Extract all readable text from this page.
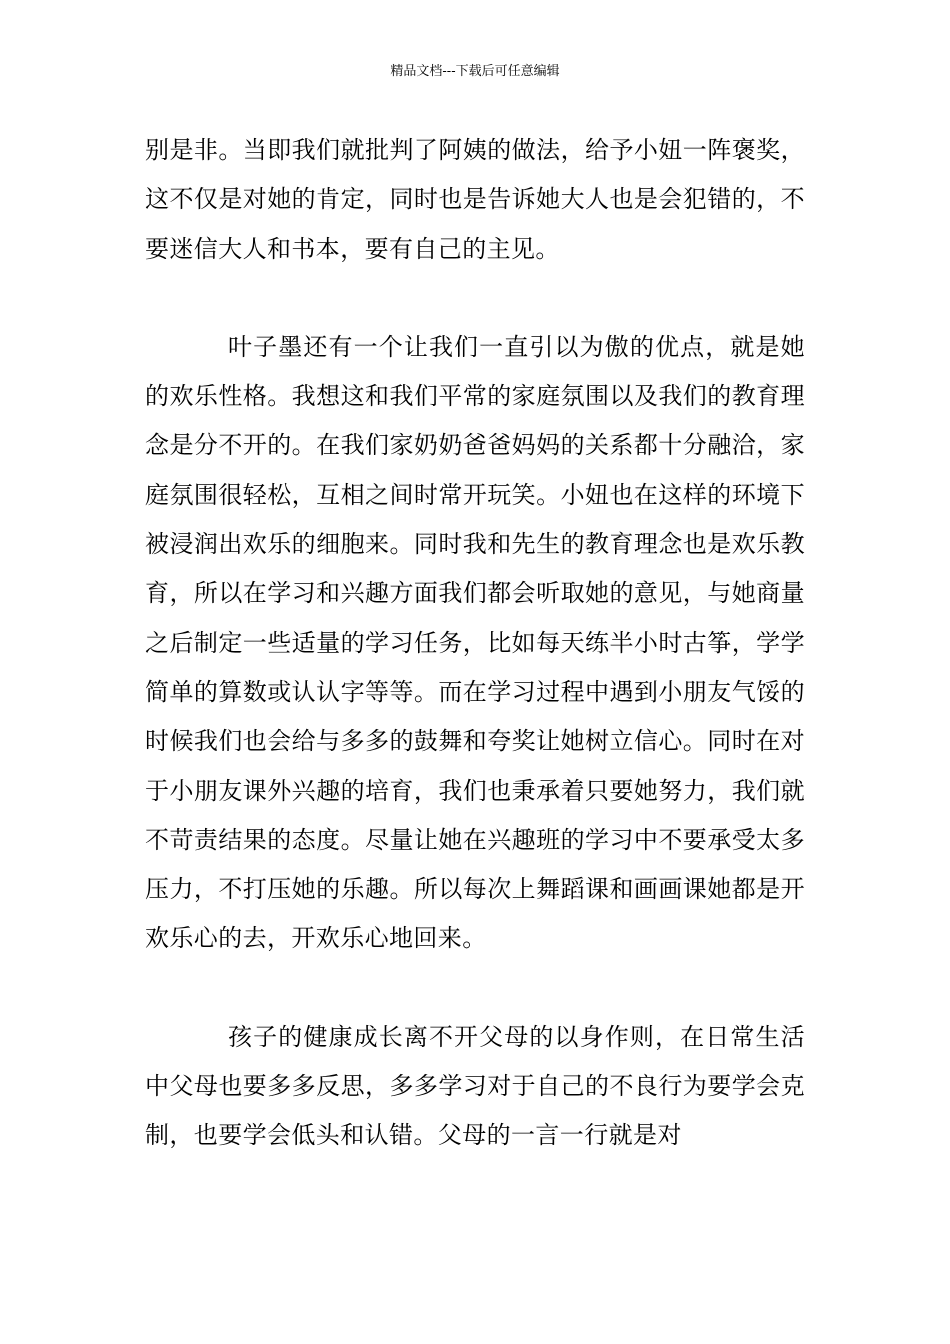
精品文档---下载后可任意编辑

别是非。当即我们就批判了阿姨的做法，给予小妞一阵褒奖，这不仅是对她的肯定，同时也是告诉她大人也是会犯错的，不要迷信大人和书本，要有自己的主见。

叶子墨还有一个让我们一直引以为傲的优点，就是她的欢乐性格。我想这和我们平常的家庭氛围以及我们的教育理念是分不开的。在我们家奶奶爸爸妈妈的关系都十分融洽，家庭氛围很轻松，互相之间时常开玩笑。小妞也在这样的环境下被浸润出欢乐的细胞来。同时我和先生的教育理念也是欢乐教育，所以在学习和兴趣方面我们都会听取她的意见，与她商量之后制定一些适量的学习任务，比如每天练半小时古筝，学学简单的算数或认认字等等。而在学习过程中遇到小朋友气馁的时候我们也会给与多多的鼓舞和夸奖让她树立信心。同时在对于小朋友课外兴趣的培育，我们也秉承着只要她努力，我们就不苛责结果的态度。尽量让她在兴趣班的学习中不要承受太多压力，不打压她的乐趣。所以每次上舞蹈课和画画课她都是开欢乐心的去，开欢乐心地回来。

孩子的健康成长离不开父母的以身作则，在日常生活中父母也要多多反思，多多学习对于自己的不良行为要学会克制，也要学会低头和认错。父母的一言一行就是对
